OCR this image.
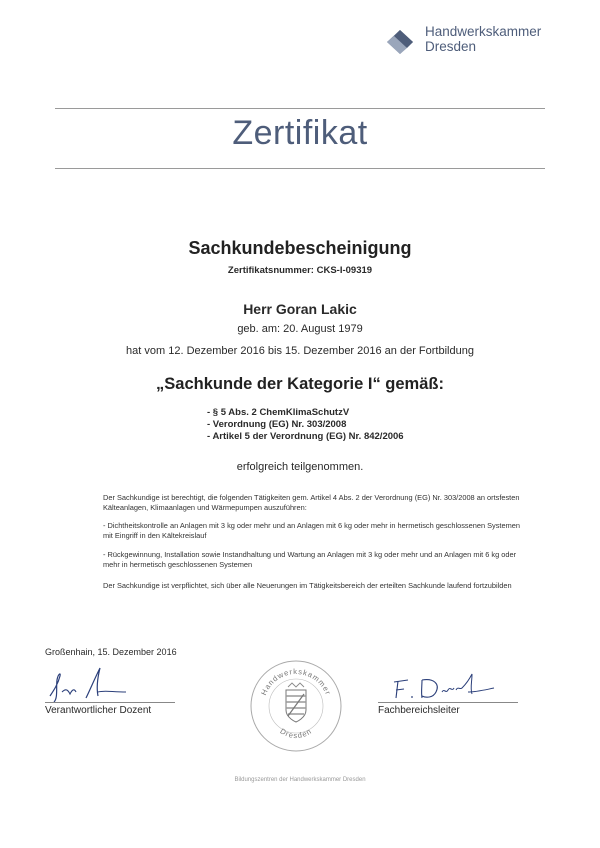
Handwerkskammer
Dresden
Zertifikat
Sachkundebescheinigung
Zertifikatsnummer: CKS-I-09319
Herr Goran Lakic
geb. am: 20. August 1979
hat vom 12. Dezember 2016 bis 15. Dezember 2016 an der Fortbildung
„Sachkunde der Kategorie I“ gemäß:
- § 5 Abs. 2 ChemKlimaSchutzV
- Verordnung (EG) Nr. 303/2008
- Artikel 5 der Verordnung (EG) Nr. 842/2006
erfolgreich teilgenommen.
Der Sachkundige ist berechtigt, die folgenden Tätigkeiten gem. Artikel 4 Abs. 2 der Verordnung (EG) Nr. 303/2008 an ortsfesten Kälteanlagen, Klimaanlagen und Wärmepumpen auszuführen:
- Dichtheitskontrolle an Anlagen mit 3 kg oder mehr und an Anlagen mit 6 kg oder mehr in hermetisch geschlossenen Systemen mit Eingriff in den Kältekreislauf
- Rückgewinnung, Installation sowie Instandhaltung und Wartung an Anlagen mit 3 kg oder mehr und an Anlagen mit 6 kg oder mehr in hermetisch geschlossenen Systemen
Der Sachkundige ist verpflichtet, sich über alle Neuerungen im Tätigkeitsbereich der erteilten Sachkunde laufend fortzubilden
Großenhain, 15. Dezember 2016
Verantwortlicher Dozent
Handwerkskammer
Dresden
Fachbereichsleiter
Bildungszentren der Handwerkskammer Dresden
